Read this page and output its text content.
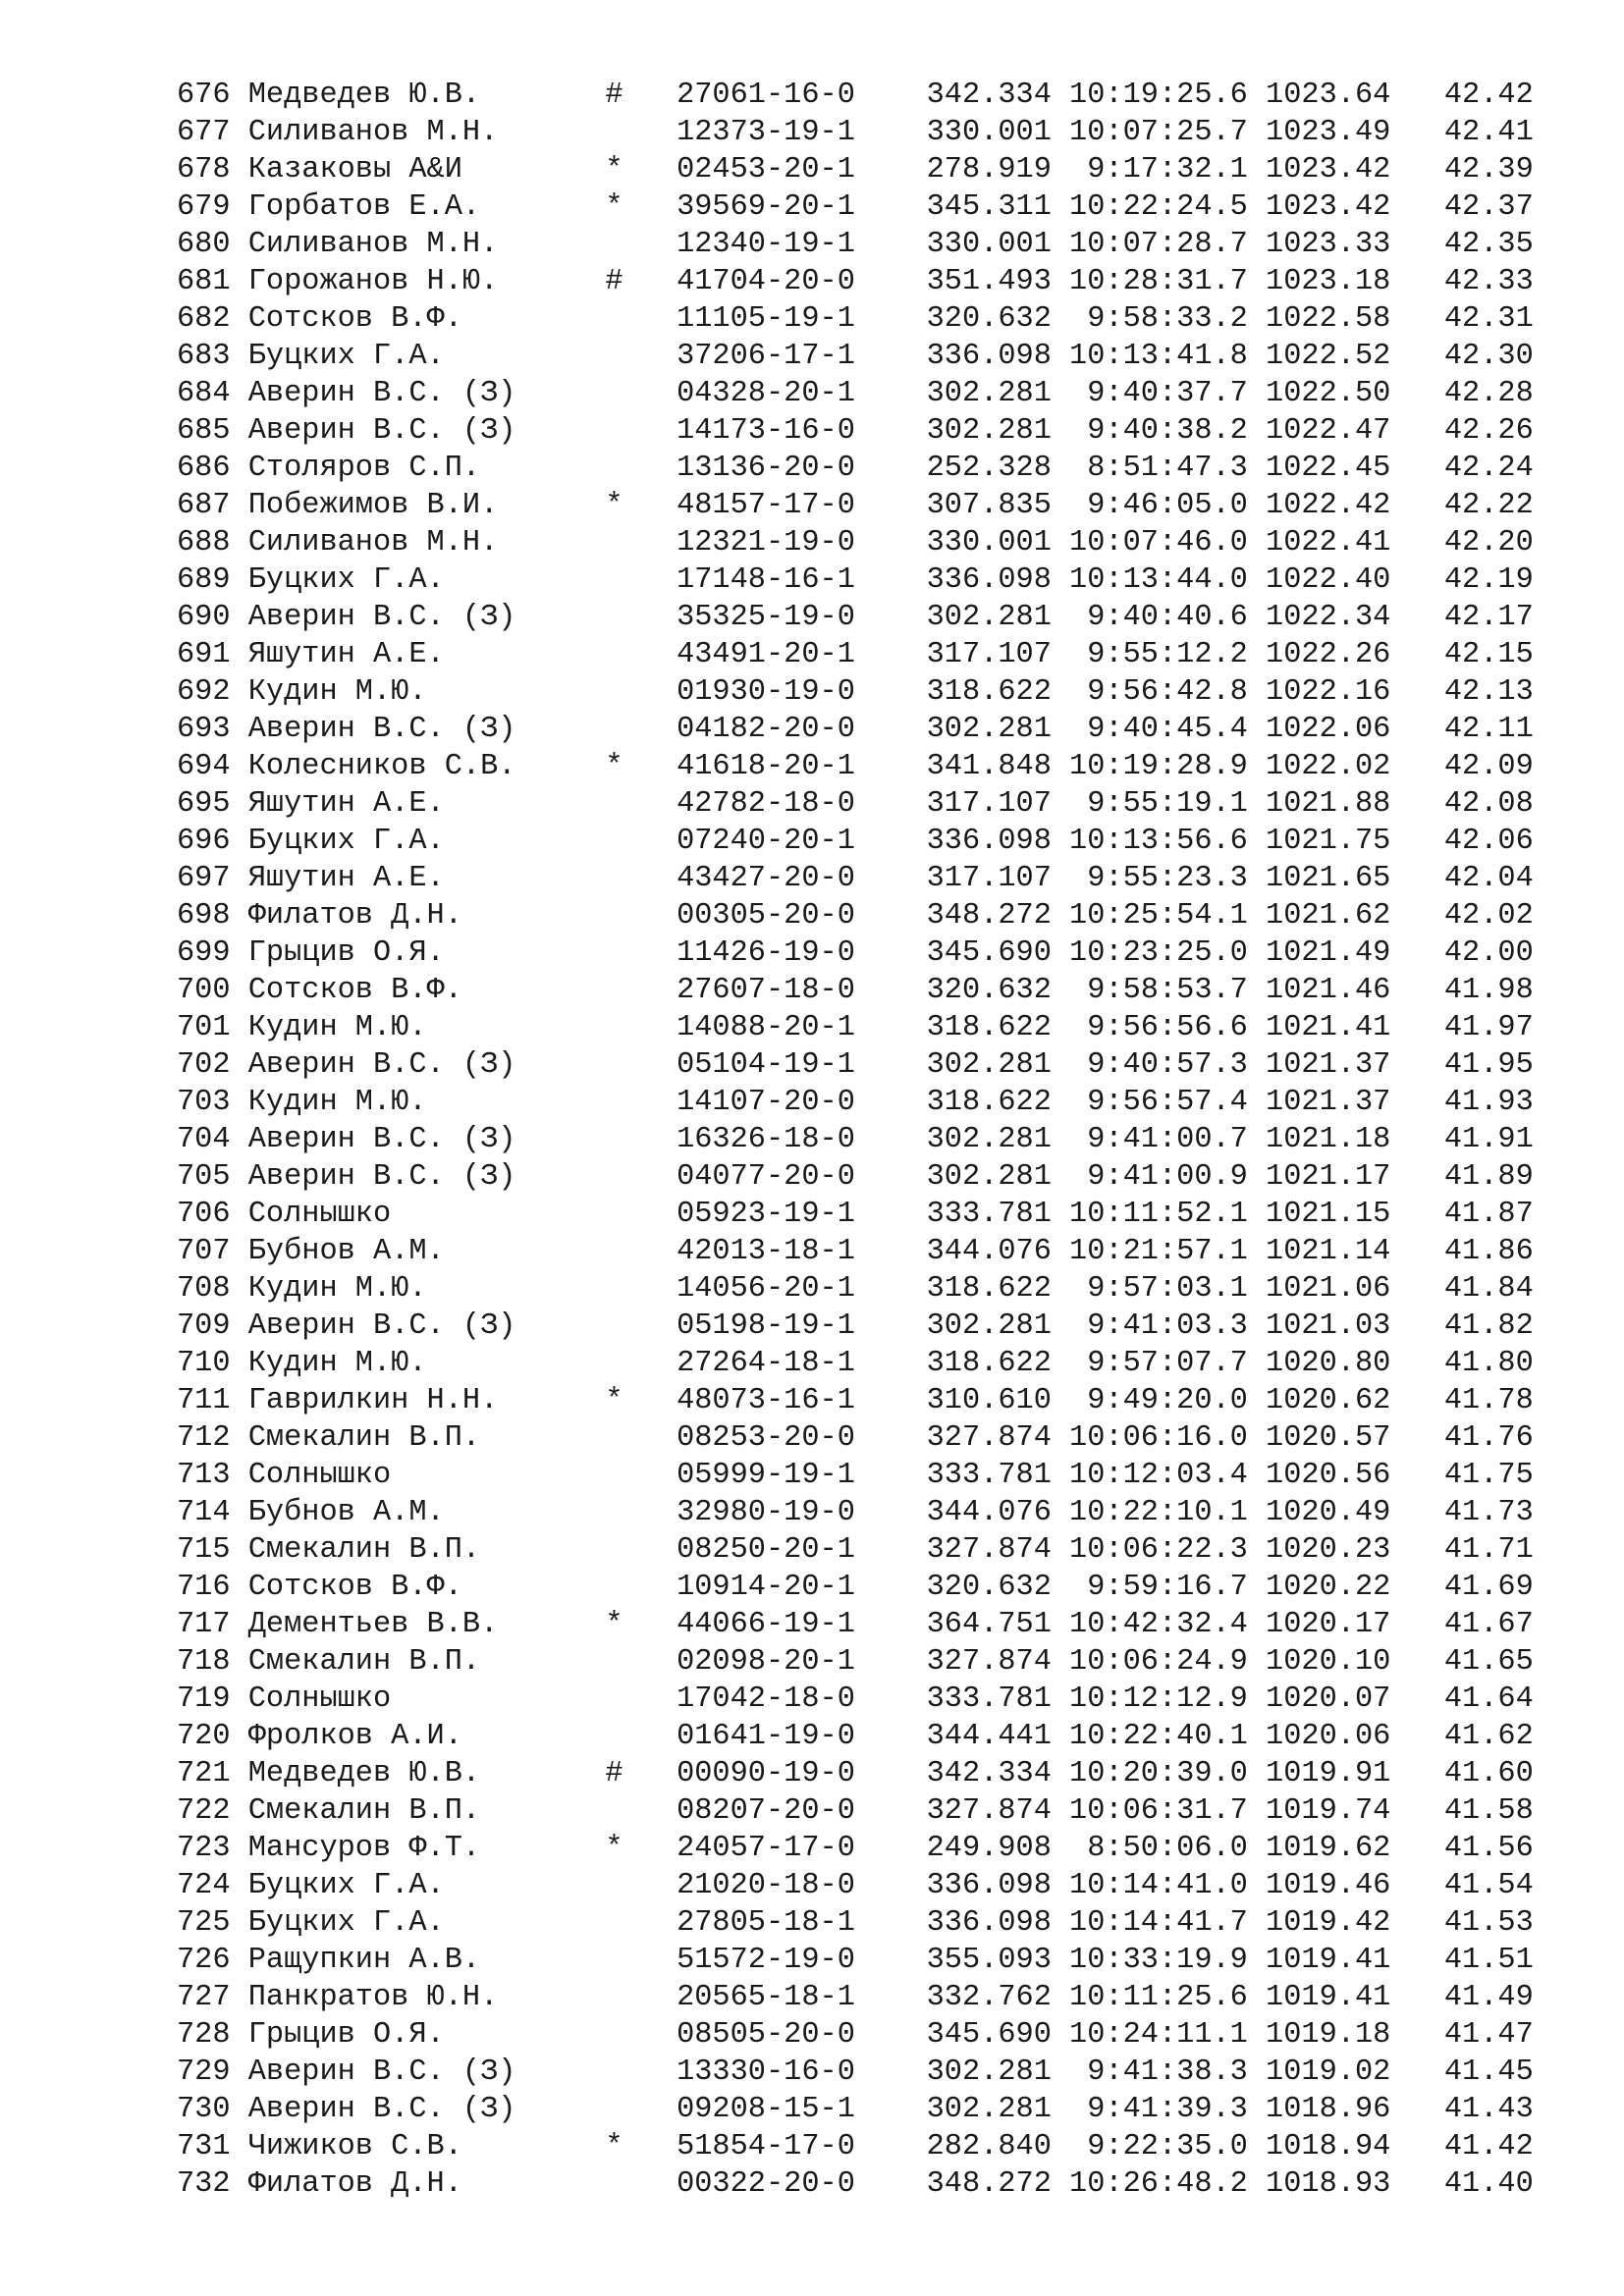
676 Медведев Ю.В.       #   27061-16-0    342.334 10:19:25.6 1023.64   42.42
677 Силиванов М.Н.          12373-19-1    330.001 10:07:25.7 1023.49   42.41
678 Казаковы А&И        *   02453-20-1    278.919  9:17:32.1 1023.42   42.39
679 Горбатов Е.А.       *   39569-20-1    345.311 10:22:24.5 1023.42   42.37
680 Силиванов М.Н.          12340-19-1    330.001 10:07:28.7 1023.33   42.35
681 Горожанов Н.Ю.      #   41704-20-0    351.493 10:28:31.7 1023.18   42.33
682 Сотсков В.Ф.            11105-19-1    320.632  9:58:33.2 1022.58   42.31
683 Буцких Г.А.             37206-17-1    336.098 10:13:41.8 1022.52   42.30
684 Аверин В.С. (З)         04328-20-1    302.281  9:40:37.7 1022.50   42.28
685 Аверин В.С. (З)         14173-16-0    302.281  9:40:38.2 1022.47   42.26
686 Столяров С.П.           13136-20-0    252.328  8:51:47.3 1022.45   42.24
687 Побежимов В.И.      *   48157-17-0    307.835  9:46:05.0 1022.42   42.22
688 Силиванов М.Н.          12321-19-0    330.001 10:07:46.0 1022.41   42.20
689 Буцких Г.А.             17148-16-1    336.098 10:13:44.0 1022.40   42.19
690 Аверин В.С. (З)         35325-19-0    302.281  9:40:40.6 1022.34   42.17
691 Яшутин А.Е.             43491-20-1    317.107  9:55:12.2 1022.26   42.15
692 Кудин М.Ю.              01930-19-0    318.622  9:56:42.8 1022.16   42.13
693 Аверин В.С. (З)         04182-20-0    302.281  9:40:45.4 1022.06   42.11
694 Колесников С.В.     *   41618-20-1    341.848 10:19:28.9 1022.02   42.09
695 Яшутин А.Е.             42782-18-0    317.107  9:55:19.1 1021.88   42.08
696 Буцких Г.А.             07240-20-1    336.098 10:13:56.6 1021.75   42.06
697 Яшутин А.Е.             43427-20-0    317.107  9:55:23.3 1021.65   42.04
698 Филатов Д.Н.            00305-20-0    348.272 10:25:54.1 1021.62   42.02
699 Грыцив О.Я.             11426-19-0    345.690 10:23:25.0 1021.49   42.00
700 Сотсков В.Ф.            27607-18-0    320.632  9:58:53.7 1021.46   41.98
701 Кудин М.Ю.              14088-20-1    318.622  9:56:56.6 1021.41   41.97
702 Аверин В.С. (З)         05104-19-1    302.281  9:40:57.3 1021.37   41.95
703 Кудин М.Ю.              14107-20-0    318.622  9:56:57.4 1021.37   41.93
704 Аверин В.С. (З)         16326-18-0    302.281  9:41:00.7 1021.18   41.91
705 Аверин В.С. (З)         04077-20-0    302.281  9:41:00.9 1021.17   41.89
706 Солнышко                05923-19-1    333.781 10:11:52.1 1021.15   41.87
707 Бубнов А.М.             42013-18-1    344.076 10:21:57.1 1021.14   41.86
708 Кудин М.Ю.              14056-20-1    318.622  9:57:03.1 1021.06   41.84
709 Аверин В.С. (З)         05198-19-1    302.281  9:41:03.3 1021.03   41.82
710 Кудин М.Ю.              27264-18-1    318.622  9:57:07.7 1020.80   41.80
711 Гаврилкин Н.Н.      *   48073-16-1    310.610  9:49:20.0 1020.62   41.78
712 Смекалин В.П.           08253-20-0    327.874 10:06:16.0 1020.57   41.76
713 Солнышко                05999-19-1    333.781 10:12:03.4 1020.56   41.75
714 Бубнов А.М.             32980-19-0    344.076 10:22:10.1 1020.49   41.73
715 Смекалин В.П.           08250-20-1    327.874 10:06:22.3 1020.23   41.71
716 Сотсков В.Ф.            10914-20-1    320.632  9:59:16.7 1020.22   41.69
717 Дементьев В.В.      *   44066-19-1    364.751 10:42:32.4 1020.17   41.67
718 Смекалин В.П.           02098-20-1    327.874 10:06:24.9 1020.10   41.65
719 Солнышко                17042-18-0    333.781 10:12:12.9 1020.07   41.64
720 Фролков А.И.            01641-19-0    344.441 10:22:40.1 1020.06   41.62
721 Медведев Ю.В.       #   00090-19-0    342.334 10:20:39.0 1019.91   41.60
722 Смекалин В.П.           08207-20-0    327.874 10:06:31.7 1019.74   41.58
723 Мансуров Ф.Т.       *   24057-17-0    249.908  8:50:06.0 1019.62   41.56
724 Буцких Г.А.             21020-18-0    336.098 10:14:41.0 1019.46   41.54
725 Буцких Г.А.             27805-18-1    336.098 10:14:41.7 1019.42   41.53
726 Ращупкин А.В.           51572-19-0    355.093 10:33:19.9 1019.41   41.51
727 Панкратов Ю.Н.          20565-18-1    332.762 10:11:25.6 1019.41   41.49
728 Грыцив О.Я.             08505-20-0    345.690 10:24:11.1 1019.18   41.47
729 Аверин В.С. (З)         13330-16-0    302.281  9:41:38.3 1019.02   41.45
730 Аверин В.С. (З)         09208-15-1    302.281  9:41:39.3 1018.96   41.43
731 Чижиков С.В.        *   51854-17-0    282.840  9:22:35.0 1018.94   41.42
732 Филатов Д.Н.            00322-20-0    348.272 10:26:48.2 1018.93   41.40
